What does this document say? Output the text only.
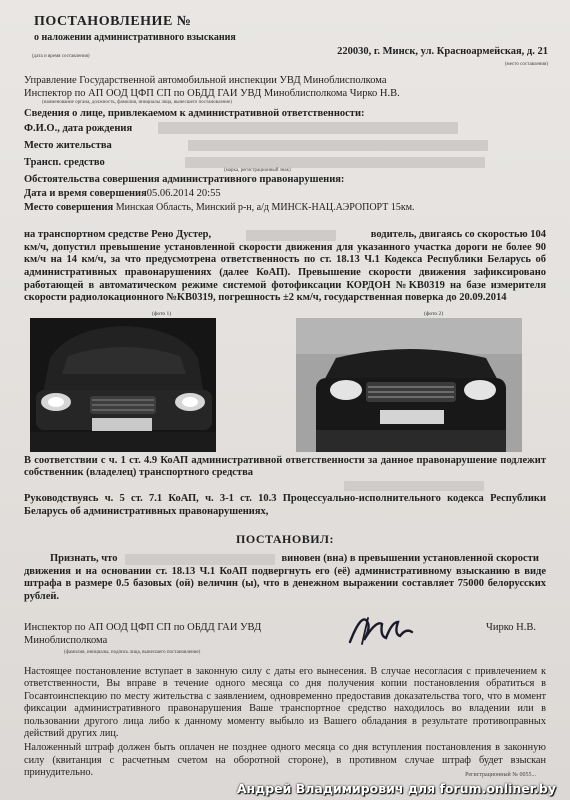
ПОСТАНОВЛЕНИЕ №
о наложении административного взыскания
220030, г. Минск, ул. Красноармейская, д. 21
(место составления)
(дата и время составления)
Управление Государственной автомобильной инспекции УВД Миноблисполкома
Инспектор по АП ООД ЦФП СП по ОБДД ГАИ УВД Миноблисполкома Чирко Н.В.
(наименование органа, должность, фамилия, инициалы лица, вынесшего постановление)
Сведения о лице, привлекаемом к административной ответственности:
Ф.И.О., дата рождения
Место жительства
Трансп. средство
(марка, регистрационный знак)
Обстоятельства совершения административного правонарушения:
Дата и время совершения05.06.2014 20:55
Место совершения Минская Область, Минский р-н, а/д МИНСК-НАЦ.АЭРОПОРТ 15км.
на транспортном средстве Рено Дустер,	водитель, двигаясь со скоростью 104
км/ч, допустил превышение установленной скорости движения для указанного участка дороги не более 90 км/ч на 14 км/ч, за что предусмотрена ответственность по ст. 18.13 Ч.1 Кодекса Республики Беларусь об административных правонарушениях (далее КоАП). Превышение скорости движения зафиксировано работающей в автоматическом режиме системой фотофиксации КОРДОН №KB0319 на базе измерителя скорости радиолокационного №KB0319, погрешность ±2 км/ч, государственная поверка до 20.09.2014
(фото 1)	(фото 2)
В соответствии с ч. 1 ст. 4.9 КоАП административной ответственности за данное правонарушение подлежит собственник (владелец) транспортного средства
Руководствуясь ч. 5 ст. 7.1 КоАП, ч. 3-1 ст. 10.3 Процессуально-исполнительного кодекса Республики Беларусь об административных правонарушениях,
ПОСТАНОВИЛ:
Признать, что	виновен (вна) в превышении установленной скорости
движения и на основании ст. 18.13 Ч.1 КоАП подвергнуть его (её) административному взысканию в виде штрафа в размере 0.5 базовых (ой) величин (ы), что в денежном выражении составляет 75000 белорусских рублей.
Инспектор по АП ООД ЦФП СП по ОБДД ГАИ УВД
Миноблисполкома
Чирко Н.В.
(фамилия, инициалы, подпись лица, вынесшего постановление)
Настоящее постановление вступает в законную силу с даты его вынесения. В случае несогласия с привлечением к ответственности, Вы вправе в течение одного месяца со дня получения копии постановления обратиться в Госавтоинспекцию по месту жительства с заявлением, одновременно предоставив доказательства того, что в момент фиксации административного правонарушения Ваше транспортное средство находилось во владении или в пользовании другого лица либо к данному моменту выбыло из Вашего обладания в результате противоправных действий других лиц.
Наложенный штраф должен быть оплачен не позднее одного месяца со дня вступления постановления в законную силу (квитанция с расчетным счетом на оборотной стороне), в противном случае штраф будет взыскан принудительно.	Регистрационный № 0055...
Андрей Владимирович для forum.onliner.by
